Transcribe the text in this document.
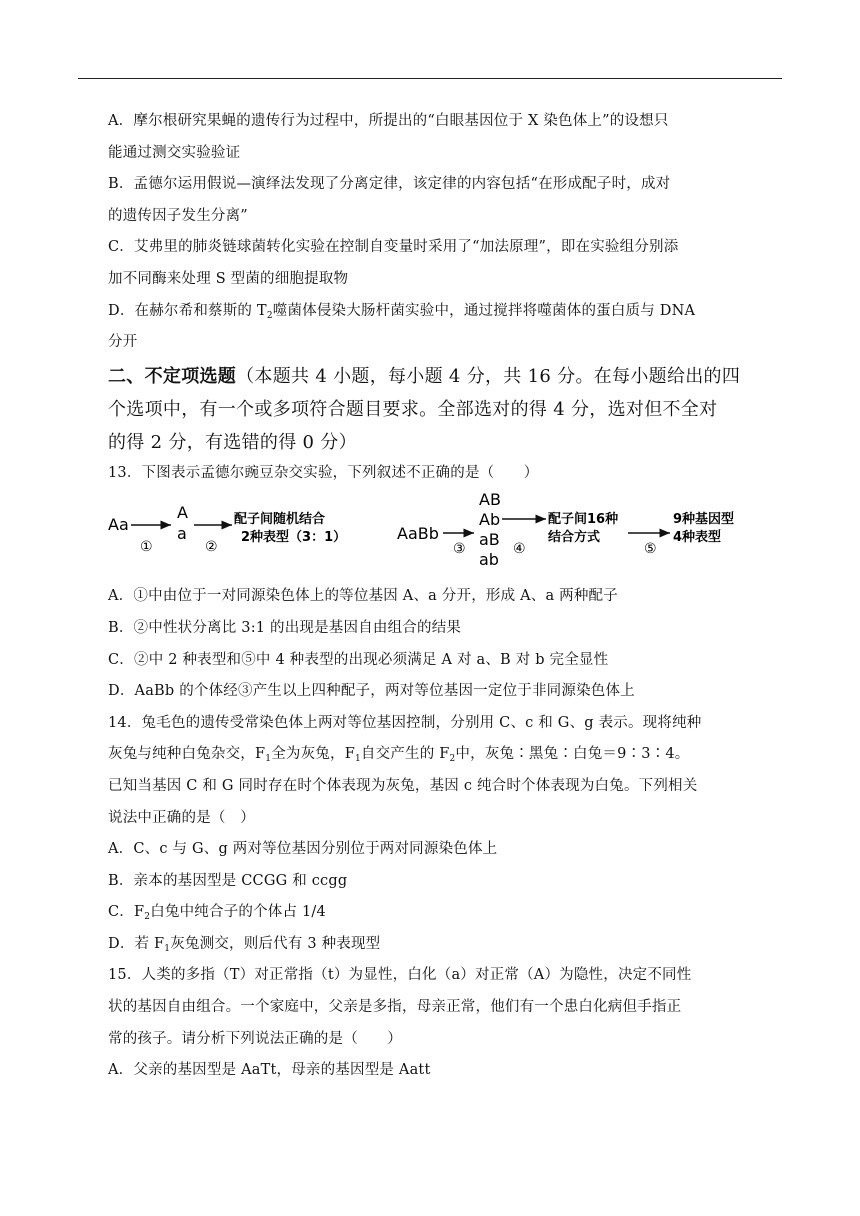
A．摩尔根研究果蝇的遗传行为过程中，所提出的“白眼基因位于 X 染色体上”的设想只
能通过测交实验验证
B．孟德尔运用假说—演绎法发现了分离定律，该定律的内容包括“在形成配子时，成对
的遗传因子发生分离”
C．艾弗里的肺炎链球菌转化实验在控制自变量时采用了“加法原理”，即在实验组分别添
加不同酶来处理 S 型菌的细胞提取物
D．在赫尔希和蔡斯的 $T_2$噬菌体侵染大肠杆菌实验中，通过搅拌将噬菌体的蛋白质与 DNA
分开
二、不定项选题（本题共 4 小题，每小题 4 分，共 16 分。在每小题给出的四
个选项中，有一个或多项符合题目要求。全部选对的得 4 分，选对但不全对
的得 2 分，有选错的得 0 分）
13．下图表示孟德尔豌豆杂交实验，下列叙述不正确的是（　　）
Aa
①
A
a
②
配子间随机结合
2种表型（3：1）	AaBb
③
AB
Ab
aB
ab
④
配子间16种
结合方式
⑤
9种基因型
4种表型
A．①中由位于一对同源染色体上的等位基因 A、a 分开，形成 A、a 两种配子
B．②中性状分离比 3:1 的出现是基因自由组合的结果
C．②中 2 种表型和⑤中 4 种表型的出现必须满足 A 对 a、B 对 b 完全显性
D．AaBb 的个体经③产生以上四种配子，两对等位基因一定位于非同源染色体上
14．兔毛色的遗传受常染色体上两对等位基因控制，分别用 C、c 和 G、g 表示。现将纯种
灰兔与纯种白兔杂交，$F_1$全为灰兔，$F_1$自交产生的 $F_2$中，灰兔∶黑兔∶白兔＝9∶3∶4。
已知当基因 C 和 G 同时存在时个体表现为灰兔，基因 c 纯合时个体表现为白兔。下列相关
说法中正确的是（　）
A．C、c 与 G、g 两对等位基因分别位于两对同源染色体上
B．亲本的基因型是 CCGG 和 ccgg
C．$F_2$白兔中纯合子的个体占 1/4
D．若 $F_1$灰兔测交，则后代有 3 种表现型
15．人类的多指（T）对正常指（t）为显性，白化（a）对正常（A）为隐性，决定不同性
状的基因自由组合。一个家庭中，父亲是多指，母亲正常，他们有一个患白化病但手指正
常的孩子。请分析下列说法正确的是（　　）
A．父亲的基因型是 AaTt，母亲的基因型是 Aatt
